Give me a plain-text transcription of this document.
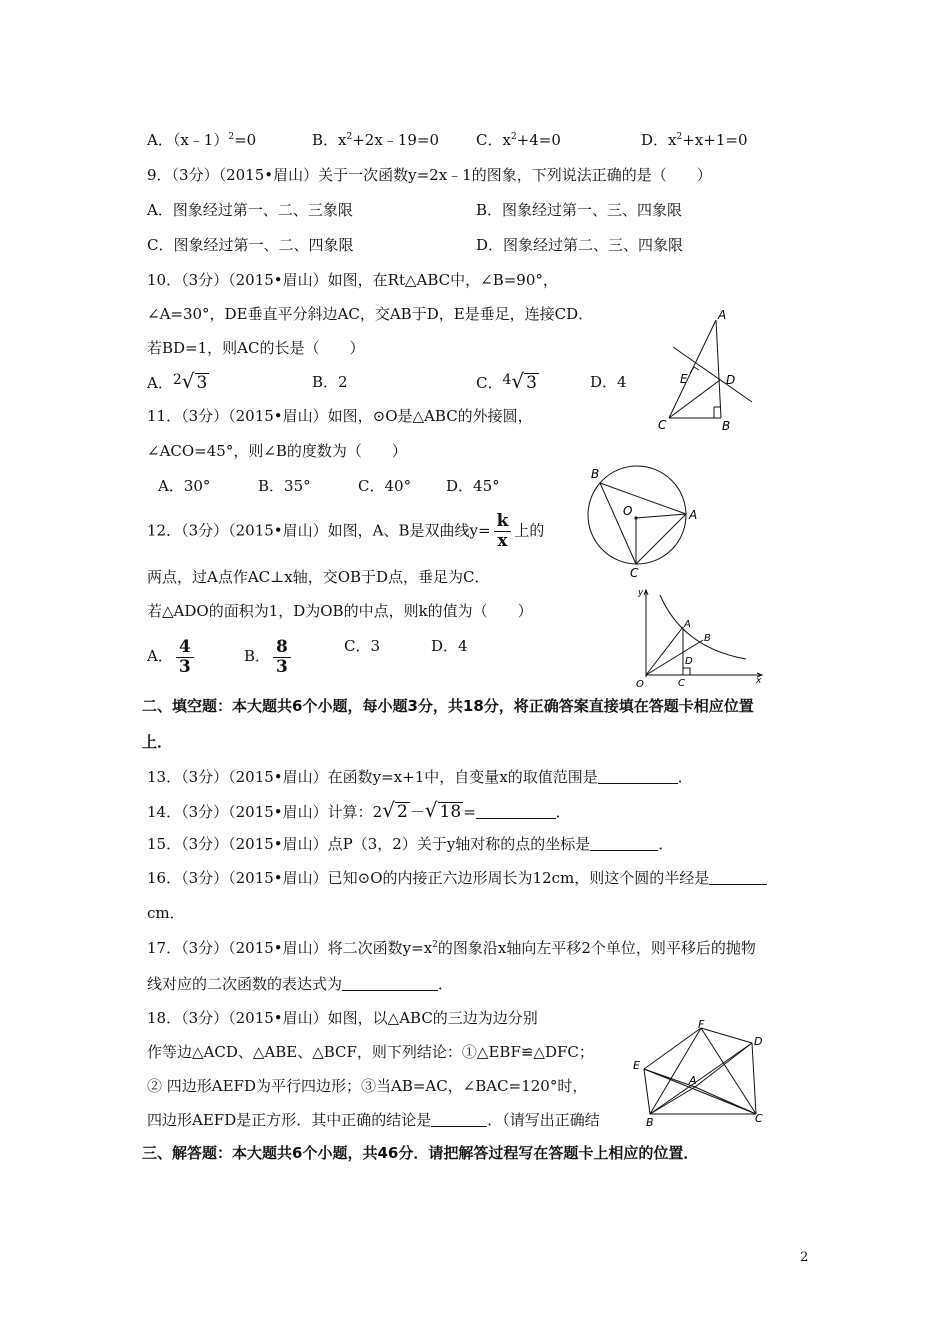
A．（x﹣1）$^2$=0	B．$x^2+2x﹣19=0$ C．$x^2+4=0$	D．$x^2+x+1=0$
9．（3分）（2015•眉山）关于一次函数y=2x﹣1的图象，下列说法正确的是（　　）
A．图象经过第一、二、三象限	B．图象经过第一、三、四象限
C．图象经过第一、二、四象限	D．图象经过第二、三、四象限
10．（3分）（2015•眉山）如图，在Rt△ABC中，∠B=90°，
∠A=30°，DE垂直平分斜边AC，交AB于D，E是垂足，连接CD．
若BD=1，则AC的长是（　　）
A．2√ 3	B．2	C．4√ 3	D．4
A
B
C
D
E
11．（3分）（2015•眉山）如图，⊙O是△ABC的外接圆，
∠ACO=45°，则∠B的度数为（　　）
A．30°	B．35°	C．40° D．45°
B
A
C
O
12．（3分）（2015•眉山）如图，A、B是双曲线$y= \frac{k}{x}$ 上的
两点，过A点作AC⊥x轴，交OB于D点，垂足为C．
若△ADO的面积为1，D为OB的中点，则k的值为（　　）
A． $\frac{4}{3}$	B． $\frac{8}{3}$	C．3	D．4
y
x
O
A
B
C
D
二、填空题：本大题共6个小题，每小题3分，共18分，将正确答案直接填在答题卡相应位置
上．
13．（3分）（2015•眉山）在函数y=x+1中，自变量x的取值范围是	．
14．（3分）（2015•眉山）计算：2√ 2 －√ 18 =	．
15．（3分）（2015•眉山）点P（3，2）关于y轴对称的点的坐标是	．
16．（3分）（2015•眉山）已知⊙O的内接正六边形周长为12cm，则这个圆的半经是
cm．
17．（3分）（2015•眉山）将二次函数$y=x^2$的图象沿x轴向左平移2个单位，则平移后的抛物
线对应的二次函数的表达式为	．
18．（3分）（2015•眉山）如图，以△ABC的三边为边分别
作等边△ACD、△ABE、△BCF，则下列结论：①△EBF≌△DFC；
② 四边形AEFD为平行四边形；③当AB=AC，∠BAC=120°时，
四边形AEFD是正方形．其中正确的结论是	．（请写出正确结
F
D
E
A
B	C
三、解答题：本大题共6个小题，共46分．请把解答过程写在答题卡上相应的位置．
2
